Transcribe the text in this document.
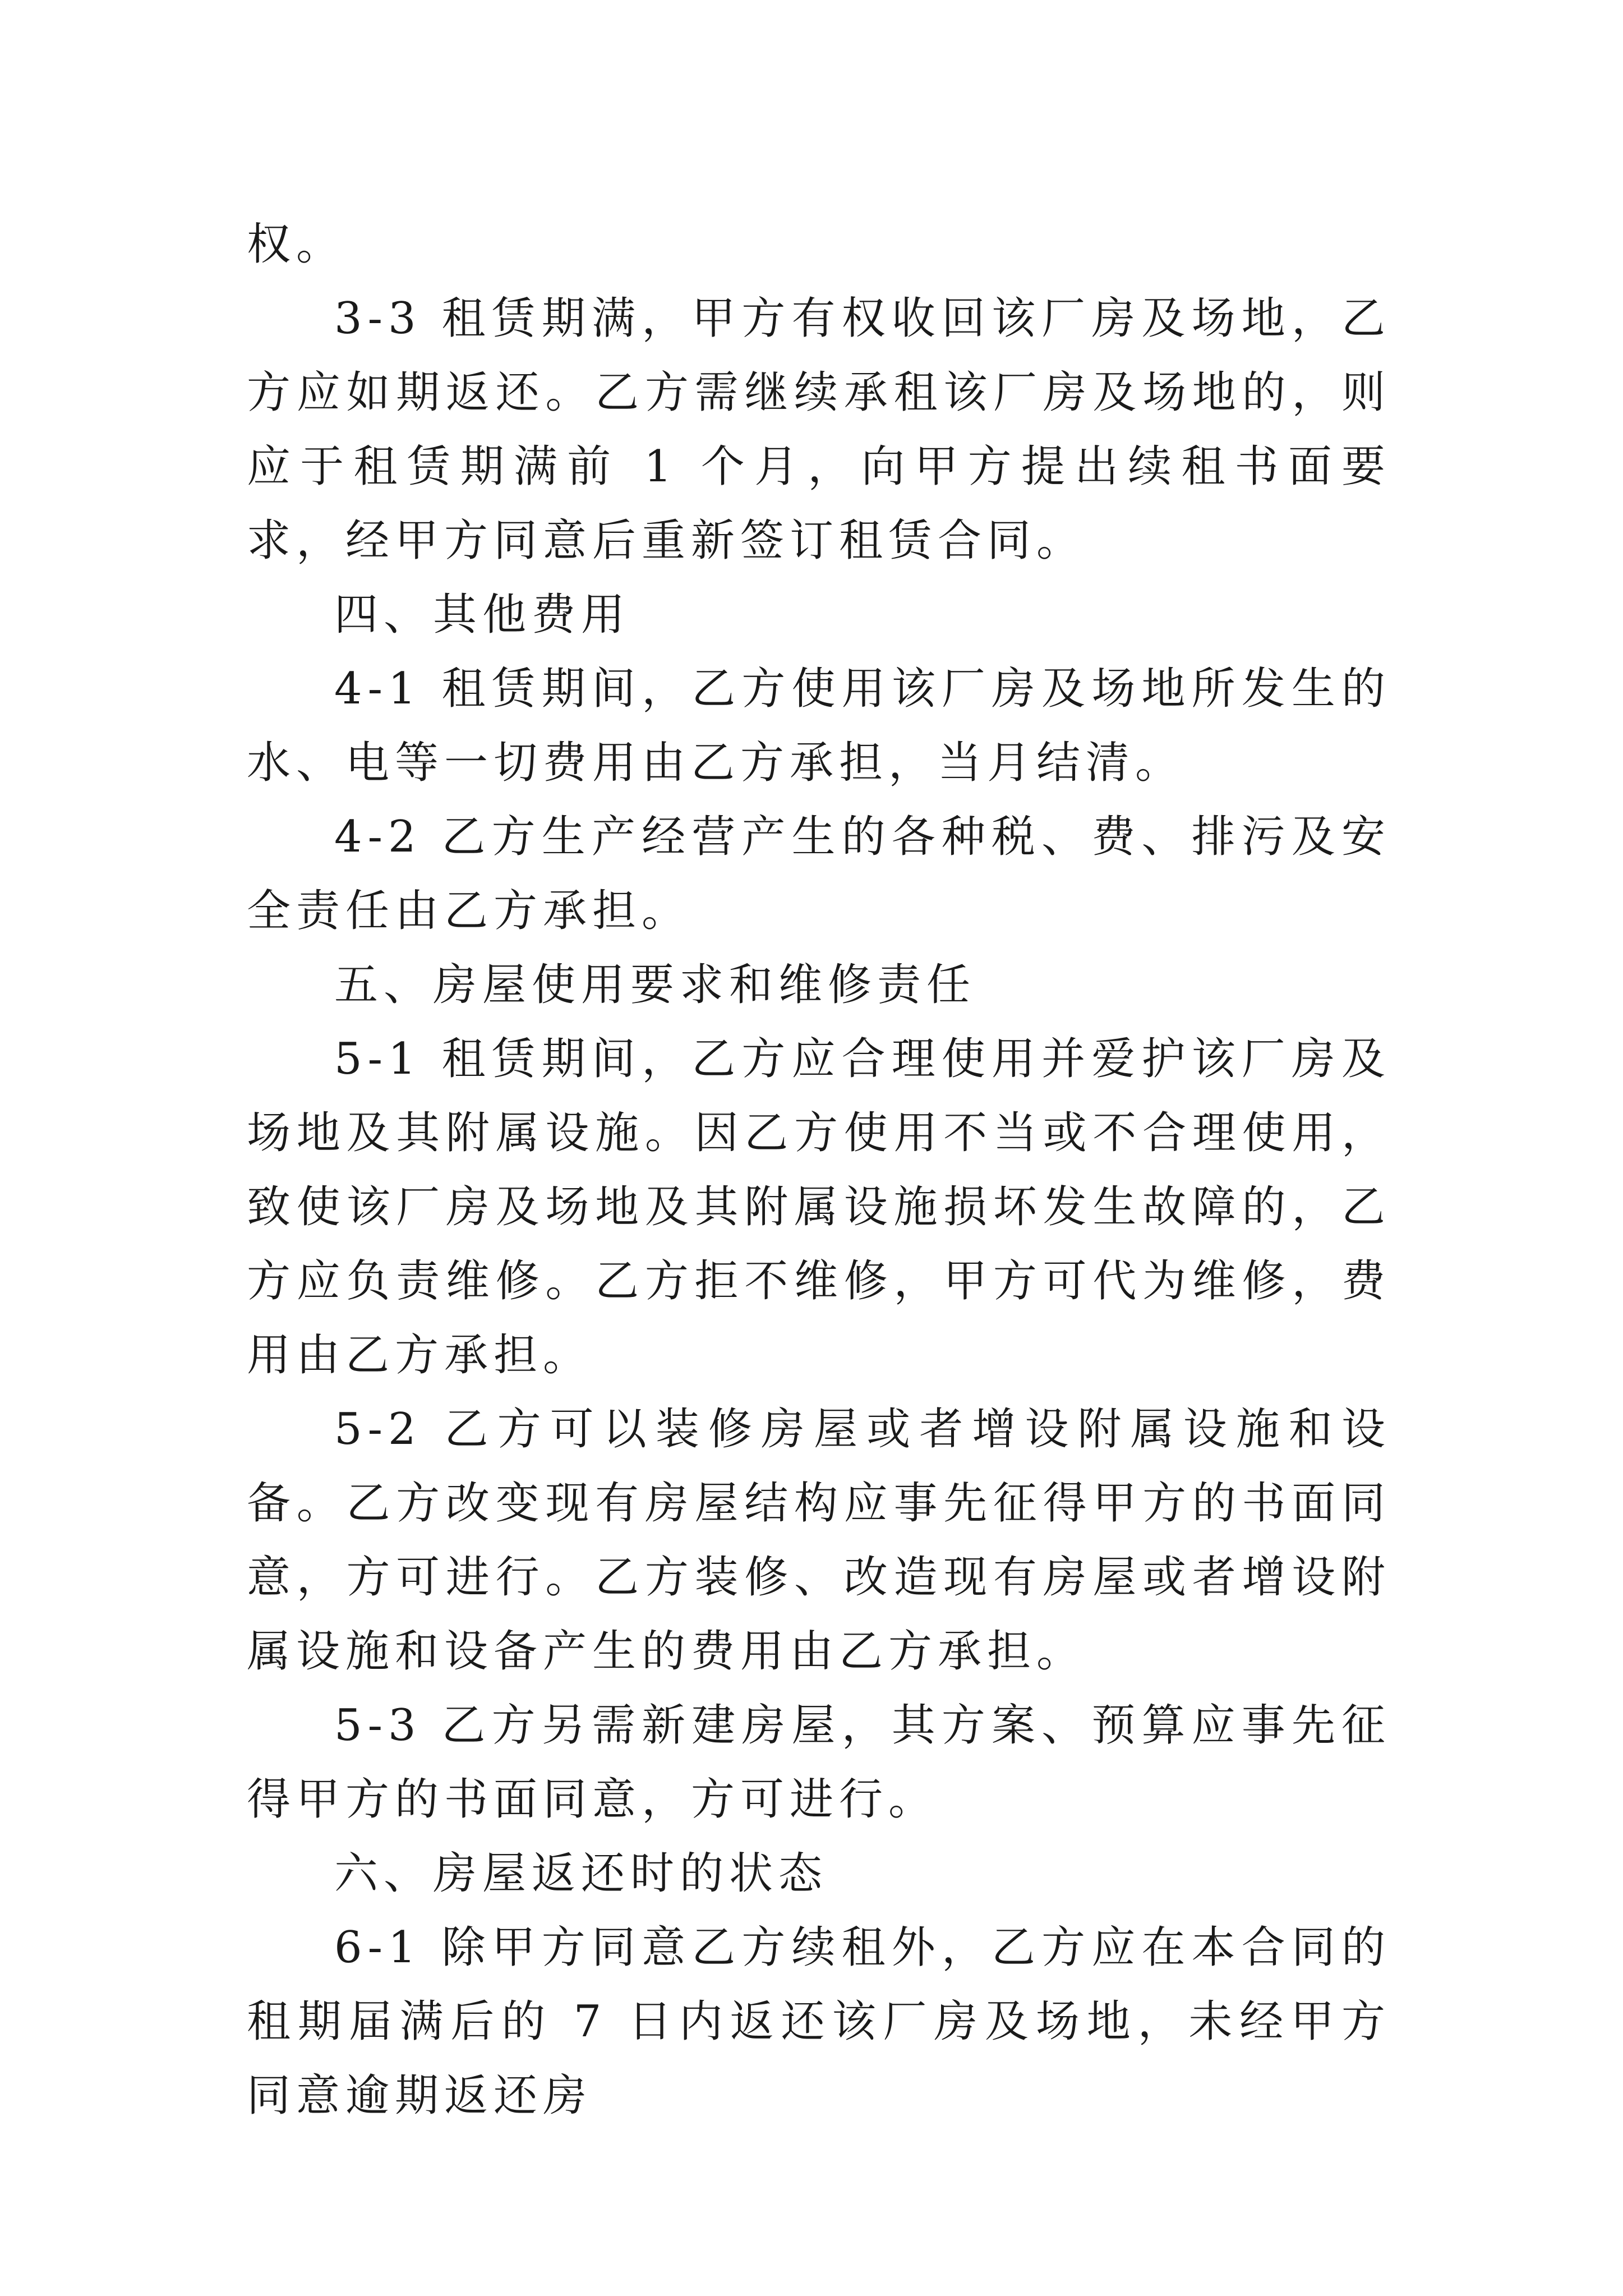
权。

3-3 租赁期满，甲方有权收回该厂房及场地，乙方应如期返还。乙方需继续承租该厂房及场地的，则应于租赁期满前 1 个月，向甲方提出续租书面要求，经甲方同意后重新签订租赁合同。

四、其他费用

4-1 租赁期间，乙方使用该厂房及场地所发生的水、电等一切费用由乙方承担，当月结清。

4-2 乙方生产经营产生的各种税、费、排污及安全责任由乙方承担。

五、房屋使用要求和维修责任

5-1 租赁期间，乙方应合理使用并爱护该厂房及场地及其附属设施。因乙方使用不当或不合理使用，致使该厂房及场地及其附属设施损坏发生故障的，乙方应负责维修。乙方拒不维修，甲方可代为维修，费用由乙方承担。

5-2 乙方可以装修房屋或者增设附属设施和设备。乙方改变现有房屋结构应事先征得甲方的书面同意，方可进行。乙方装修、改造现有房屋或者增设附属设施和设备产生的费用由乙方承担。

5-3 乙方另需新建房屋，其方案、预算应事先征得甲方的书面同意，方可进行。

六、房屋返还时的状态

6-1 除甲方同意乙方续租外，乙方应在本合同的租期届满后的 7 日内返还该厂房及场地，未经甲方同意逾期返还房
